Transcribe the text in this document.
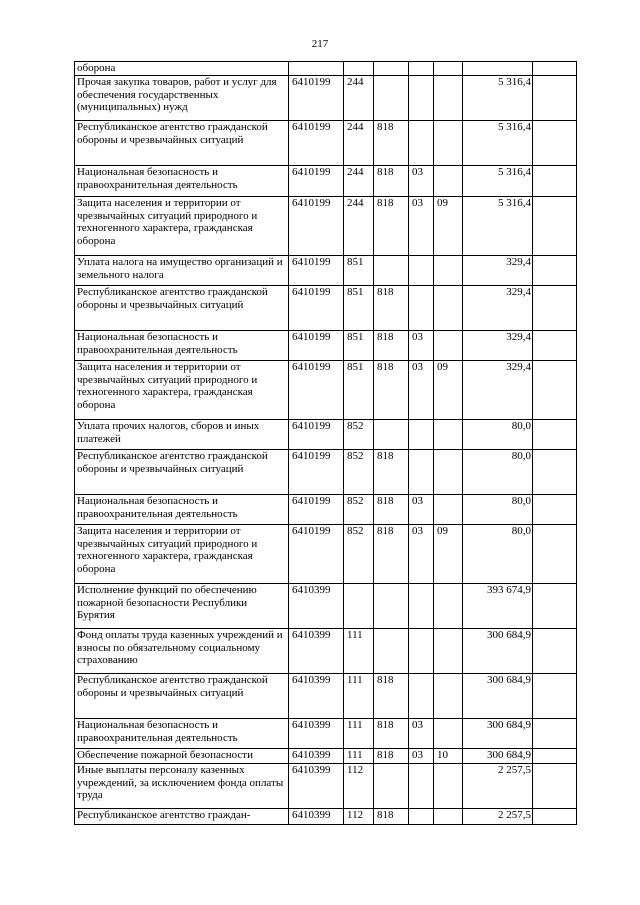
217
оборона							
Прочая закупка товаров, работ и услуг для обеспечения государственных (муниципальных) нужд	6410199	244				5 316,4	
Республиканское агентство гражданской обороны и чрезвычайных ситуаций	6410199	244	818			5 316,4	
Национальная безопасность и правоохранительная деятельность	6410199	244	818	03		5 316,4	
Защита населения и территории от чрезвычайных ситуаций природного и техногенного характера, гражданская оборона	6410199	244	818	03	09	5 316,4	
Уплата налога на имущество организаций и земельного налога	6410199	851				329,4	
Республиканское агентство гражданской обороны и чрезвычайных ситуаций	6410199	851	818			329,4	
Национальная безопасность и правоохранительная деятельность	6410199	851	818	03		329,4	
Защита населения и территории от чрезвычайных ситуаций природного и техногенного характера, гражданская оборона	6410199	851	818	03	09	329,4	
Уплата прочих налогов, сборов и иных платежей	6410199	852				80,0	
Республиканское агентство гражданской обороны и чрезвычайных ситуаций	6410199	852	818			80,0	
Национальная безопасность и правоохранительная деятельность	6410199	852	818	03		80,0	
Защита населения и территории от чрезвычайных ситуаций природного и техногенного характера, гражданская оборона	6410199	852	818	03	09	80,0	
Исполнение функций по обеспечению пожарной безопасности Республики Бурятия	6410399					393 674,9	
Фонд оплаты труда казенных учреждений и взносы по обязательному социальному страхованию	6410399	111				300 684,9	
Республиканское агентство гражданской обороны и чрезвычайных ситуаций	6410399	111	818			300 684,9	
Национальная безопасность и правоохранительная деятельность	6410399	111	818	03		300 684,9	
Обеспечение пожарной безопасности	6410399	111	818	03	10	300 684,9	
Иные выплаты персоналу казенных учреждений, за исключением фонда оплаты труда	6410399	112				2 257,5	
Республиканское агентство граждан-	6410399	112	818			2 257,5	
